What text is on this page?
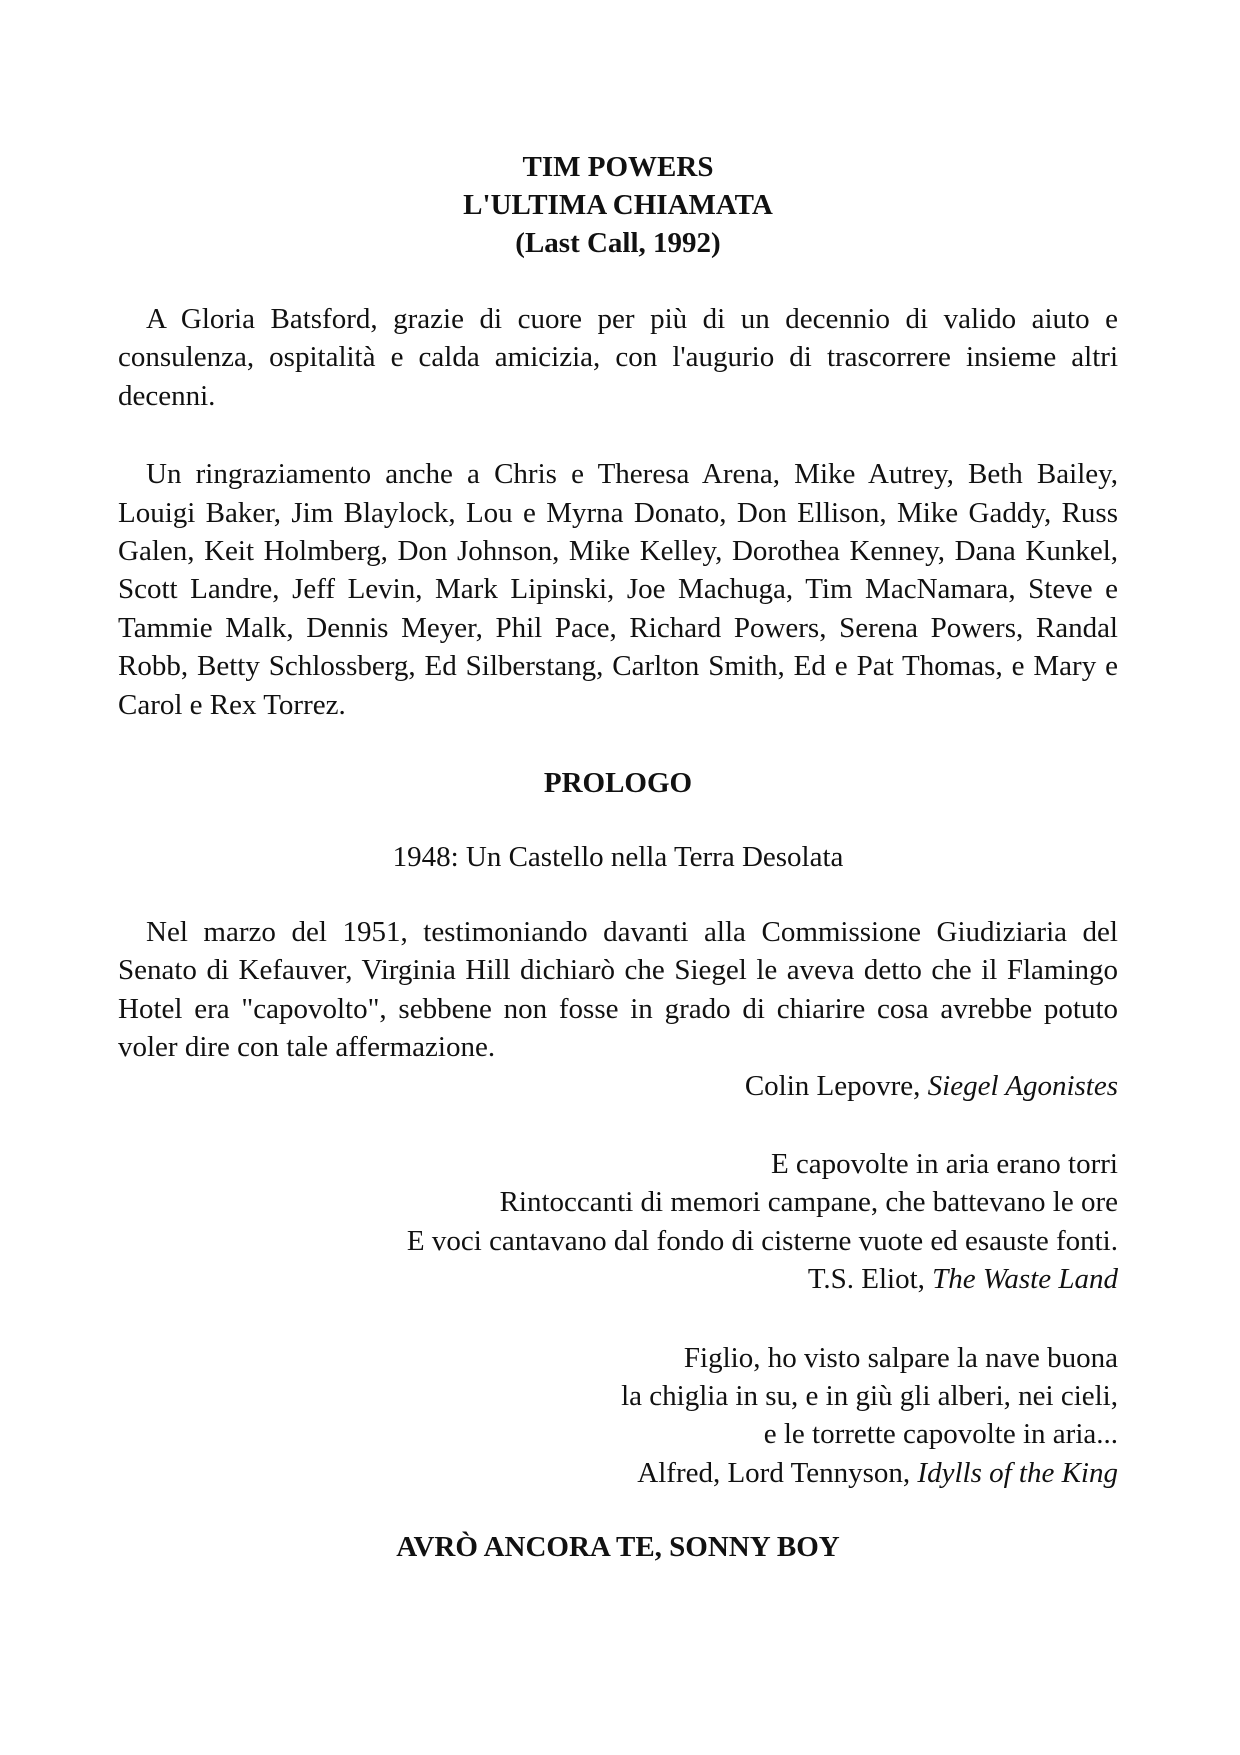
TIM POWERS
L'ULTIMA CHIAMATA
(Last Call, 1992)

A Gloria Batsford, grazie di cuore per più di un decennio di valido aiuto e consulenza, ospitalità e calda amicizia, con l'augurio di trascorrere insieme altri decenni.

Un ringraziamento anche a Chris e Theresa Arena, Mike Autrey, Beth Bailey, Louigi Baker, Jim Blaylock, Lou e Myrna Donato, Don Ellison, Mike Gaddy, Russ Galen, Keit Holmberg, Don Johnson, Mike Kelley, Dorothea Kenney, Dana Kunkel, Scott Landre, Jeff Levin, Mark Lipinski, Joe Machuga, Tim MacNamara, Steve e Tammie Malk, Dennis Meyer, Phil Pace, Richard Powers, Serena Powers, Randal Robb, Betty Schlossberg, Ed Silberstang, Carlton Smith, Ed e Pat Thomas, e Mary e Carol e Rex Torrez.

PROLOGO
1948: Un Castello nella Terra Desolata

Nel marzo del 1951, testimoniando davanti alla Commissione Giudiziaria del Senato di Kefauver, Virginia Hill dichiarò che Siegel le aveva detto che il Flamingo Hotel era "capovolto", sebbene non fosse in grado di chiarire cosa avrebbe potuto voler dire con tale affermazione.

Colin Lepovre, Siegel Agonistes
E capovolte in aria erano torri
Rintoccanti di memori campane, che battevano le ore
E voci cantavano dal fondo di cisterne vuote ed esauste fonti.
T.S. Eliot, The Waste Land
Figlio, ho visto salpare la nave buona
la chiglia in su, e in giù gli alberi, nei cieli,
e le torrette capovolte in aria...
Alfred, Lord Tennyson, Idylls of the King
AVRÒ ANCORA TE, SONNY BOY
